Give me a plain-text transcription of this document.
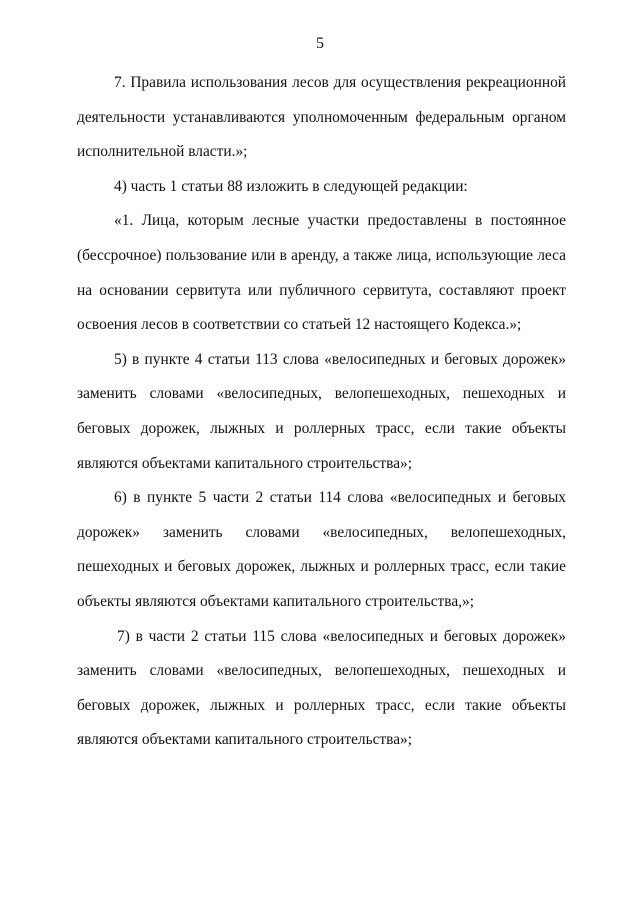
5
7. Правила использования лесов для осуществления рекреационной
деятельности устанавливаются уполномоченным федеральным органом
исполнительной власти.»;
4) часть 1 статьи 88 изложить в следующей редакции:
«1. Лица, которым лесные участки предоставлены в постоянное
(бессрочное) пользование или в аренду, а также лица, использующие леса
на основании сервитута или публичного сервитута, составляют проект
освоения лесов в соответствии со статьей 12 настоящего Кодекса.»;
5) в пункте 4 статьи 113 слова «велосипедных и беговых дорожек»
заменить словами «велосипедных, велопешеходных, пешеходных и
беговых дорожек, лыжных и роллерных трасс, если такие объекты
являются объектами капитального строительства»;
6) в пункте 5 части 2 статьи 114 слова «велосипедных и беговых
дорожек» заменить словами «велосипедных, велопешеходных,
пешеходных и беговых дорожек, лыжных и роллерных трасс, если такие
объекты являются объектами капитального строительства,»;
7) в части 2 статьи 115 слова «велосипедных и беговых дорожек»
заменить словами «велосипедных, велопешеходных, пешеходных и
беговых дорожек, лыжных и роллерных трасс, если такие объекты
являются объектами капитального строительства»;
